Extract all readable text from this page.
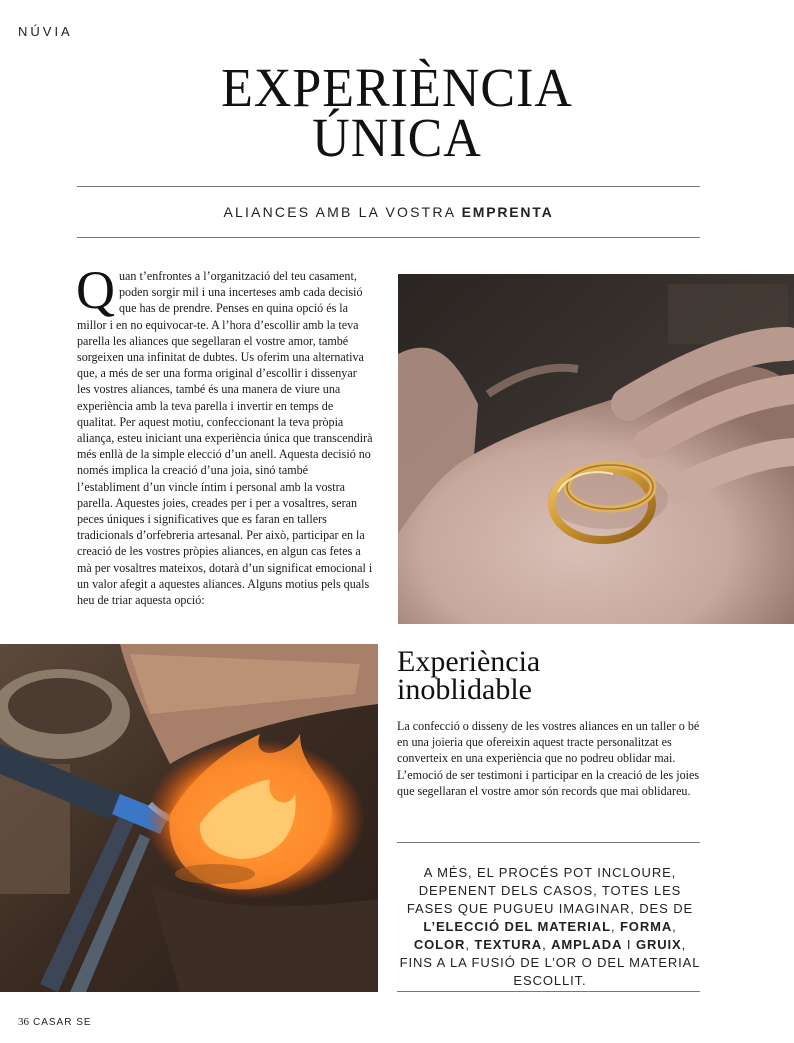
NÚVIA
EXPERIÈNCIA
ÚNICA
ALIANCES AMB LA VOSTRA EMPRENTA
Quan t’enfrontes a l’organització del teu casament, poden sorgir mil i una incerteses amb cada decisió que has de prendre. Penses en quina opció és la millor i en no equivocar-te. A l’hora d’escollir amb la teva parella les aliances que segellaran el vostre amor, també sorgeixen una infinitat de dubtes. Us oferim una alternativa que, a més de ser una forma original d’escollir i dissenyar les vostres aliances, també és una manera de viure una experiència amb la teva parella i invertir en temps de qualitat. Per aquest motiu, confeccionant la teva pròpia aliança, esteu iniciant una experiència única que transcendirà més enllà de la simple elecció d’un anell. Aquesta decisió no només implica la creació d’una joia, sinó també l’establiment d’un vincle íntim i personal amb la vostra parella. Aquestes joies, creades per i per a vosaltres, seran peces úniques i significatives que es faran en tallers tradicionals d’orfebreria artesanal. Per això, participar en la creació de les vostres pròpies aliances, en algun cas fetes a mà per vosaltres mateixos, dotarà d’un significat emocional i un valor afegit a aquestes aliances. Alguns motius pels quals heu de triar aquesta opció:
Experiència
inoblidable
La confecció o disseny de les vostres aliances en un taller o bé en una joieria que ofereixin aquest tracte personalitzat es converteix en una experiència que no podreu oblidar mai. L’emoció de ser testimoni i participar en la creació de les joies que segellaran el vostre amor són records que mai oblidareu.
A MÉS, EL PROCÉS POT INCLOURE, DEPENENT DELS CASOS, TOTES LES FASES QUE PUGUEU IMAGINAR, DES DE L’ELECCIÓ DEL MATERIAL, FORMA, COLOR, TEXTURA, AMPLADA I GRUIX, FINS A LA FUSIÓ DE L’OR O DEL MATERIAL ESCOLLIT.
36 CASAR SE
